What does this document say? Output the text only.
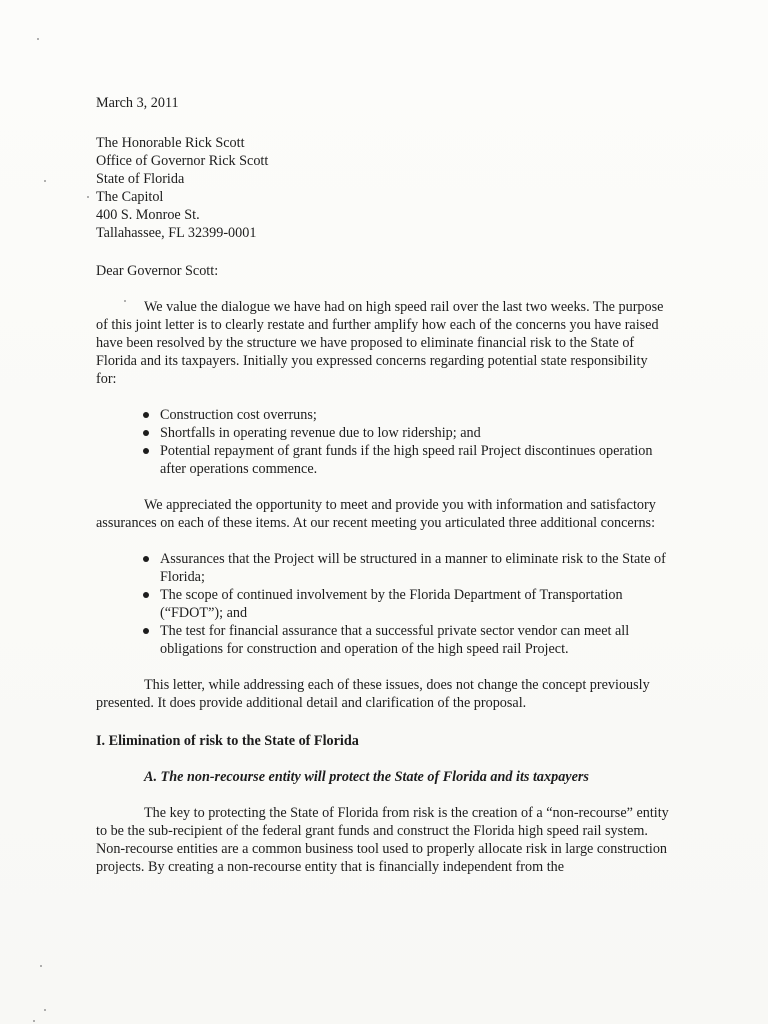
March 3, 2011
The Honorable Rick Scott
Office of Governor Rick Scott
State of Florida
The Capitol
400 S. Monroe St.
Tallahassee, FL 32399-0001
Dear Governor Scott:

We value the dialogue we have had on high speed rail over the last two weeks. The purpose of this joint letter is to clearly restate and further amplify how each of the concerns you have raised have been resolved by the structure we have proposed to eliminate financial risk to the State of Florida and its taxpayers. Initially you expressed concerns regarding potential state responsibility for:

Construction cost overruns;
Shortfalls in operating revenue due to low ridership; and
Potential repayment of grant funds if the high speed rail Project discontinues operation after operations commence.

We appreciated the opportunity to meet and provide you with information and satisfactory assurances on each of these items. At our recent meeting you articulated three additional concerns:

Assurances that the Project will be structured in a manner to eliminate risk to the State of Florida;
The scope of continued involvement by the Florida Department of Transportation (“FDOT”); and
The test for financial assurance that a successful private sector vendor can meet all obligations for construction and operation of the high speed rail Project.

This letter, while addressing each of these issues, does not change the concept previously presented. It does provide additional detail and clarification of the proposal.

I. Elimination of risk to the State of Florida
A. The non-recourse entity will protect the State of Florida and its taxpayers

The key to protecting the State of Florida from risk is the creation of a “non-recourse” entity to be the sub-recipient of the federal grant funds and construct the Florida high speed rail system. Non-recourse entities are a common business tool used to properly allocate risk in large construction projects. By creating a non-recourse entity that is financially independent from the
